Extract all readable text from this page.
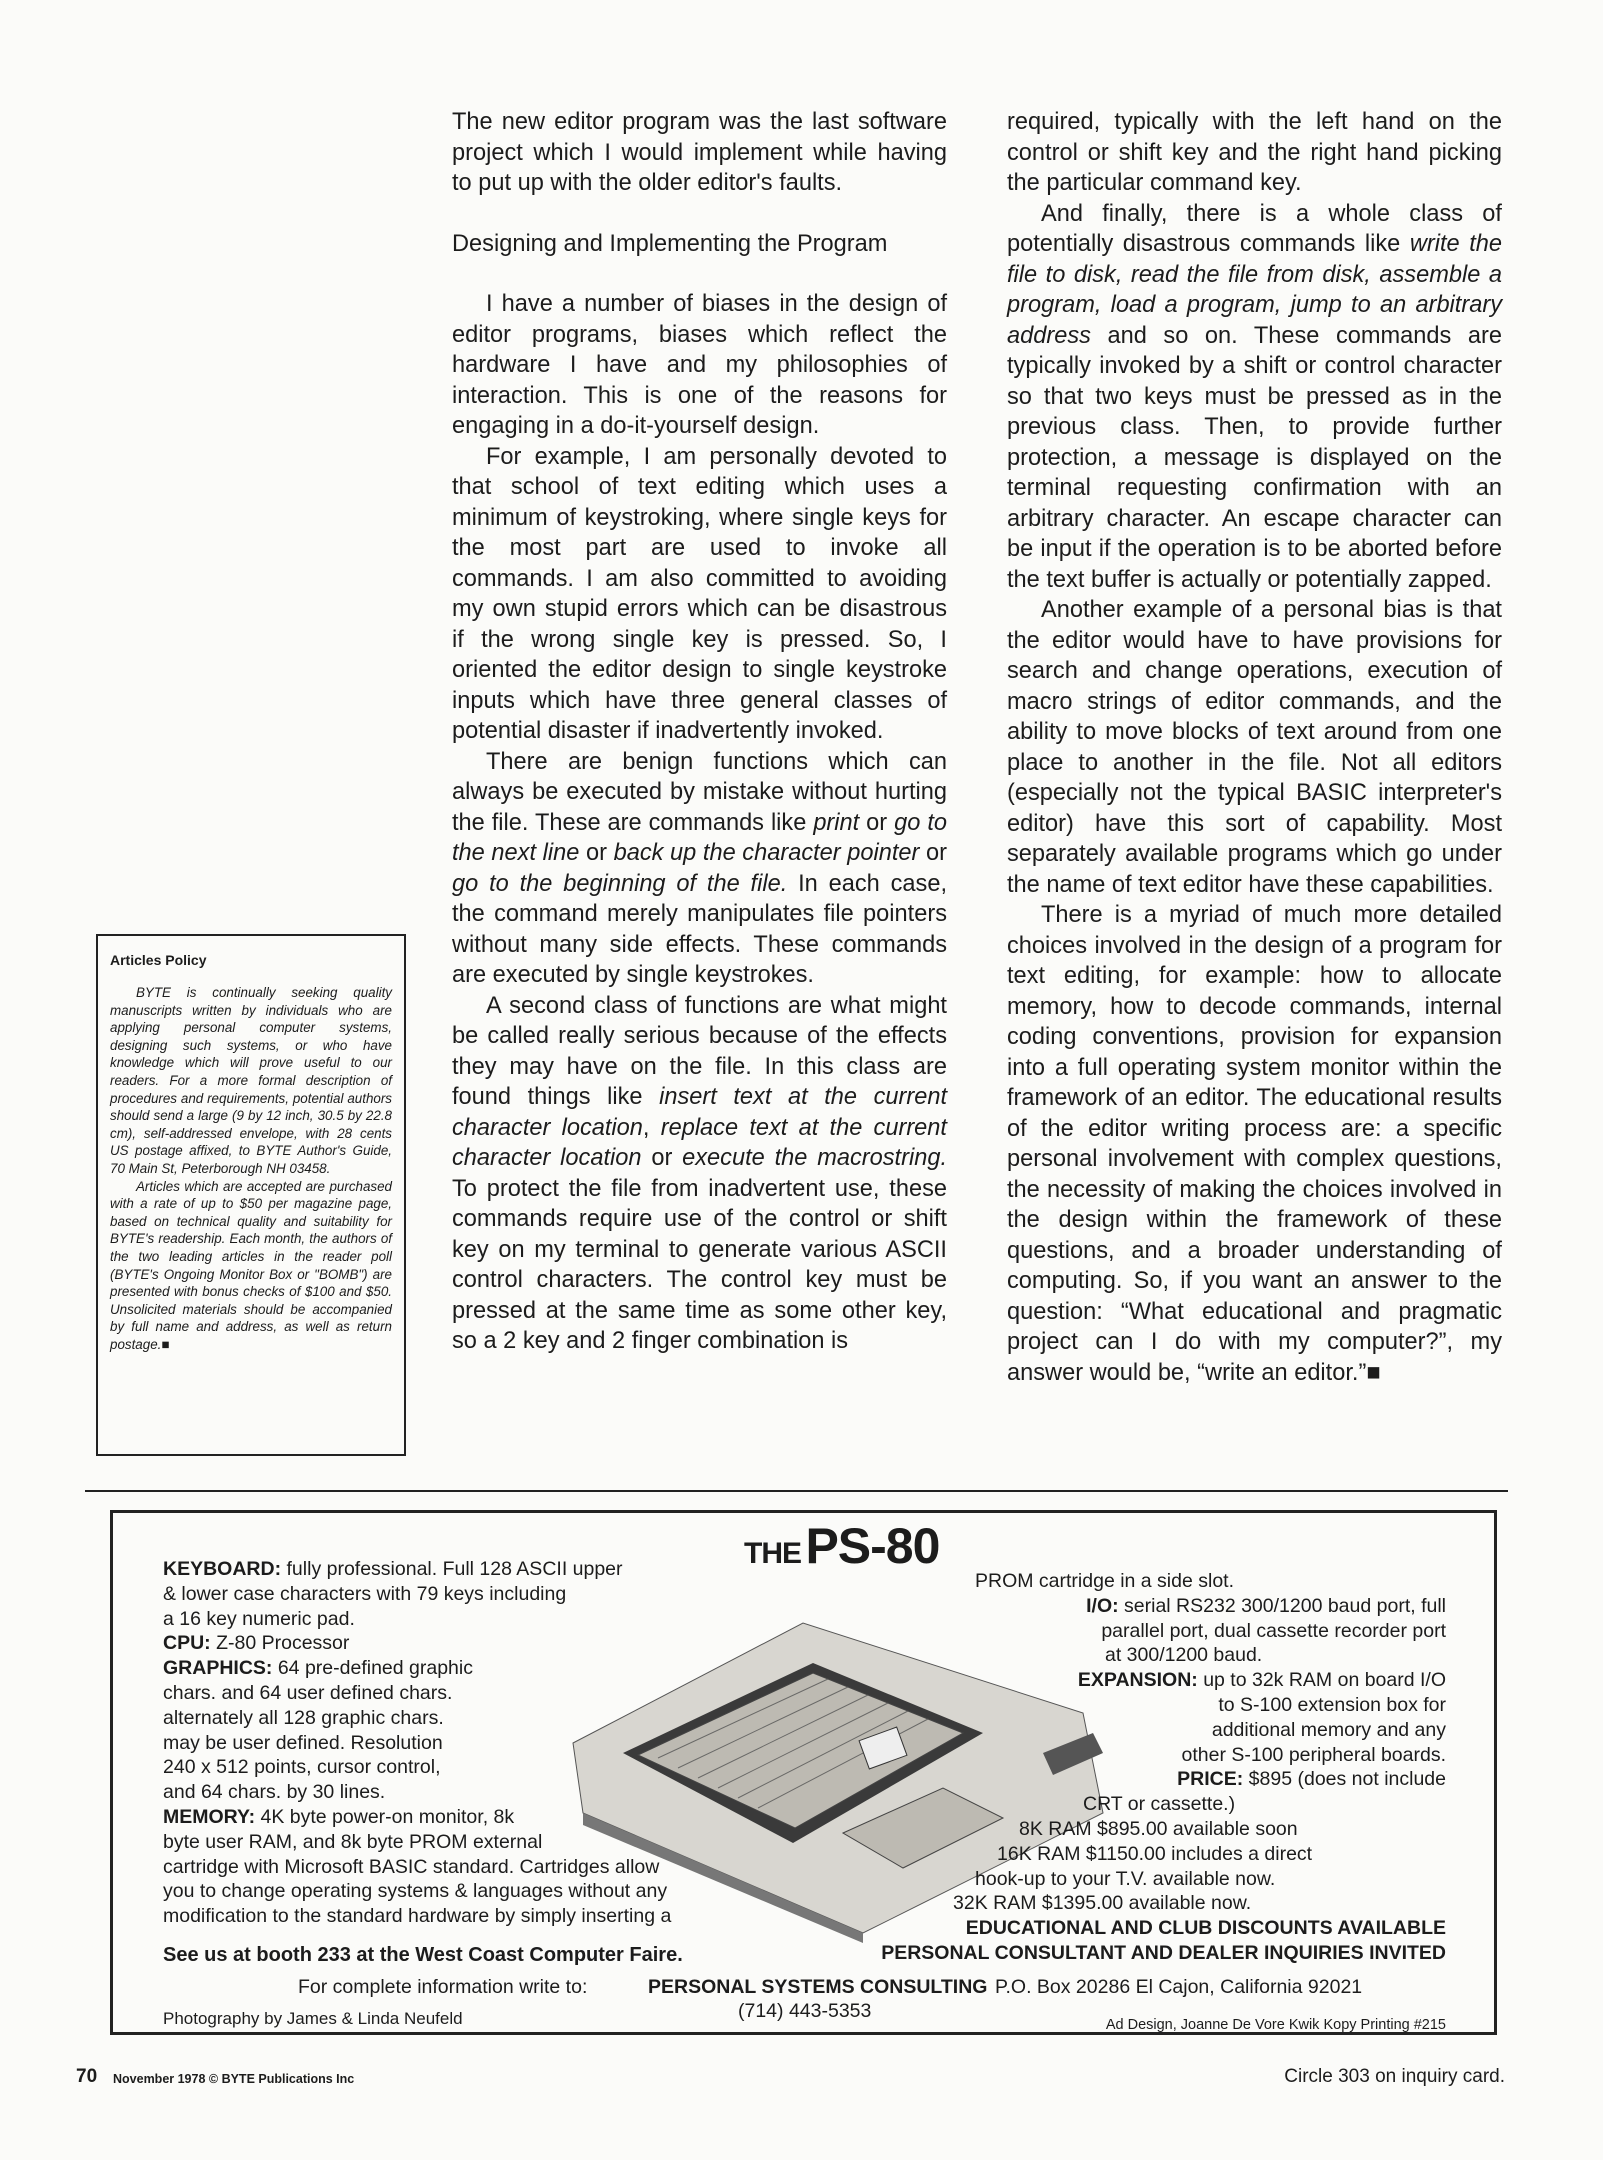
The new editor program was the last software project which I would implement while having to put up with the older editor's faults.

Designing and Implementing the Program

I have a number of biases in the design of editor programs, biases which reflect the hardware I have and my philosophies of interaction. This is one of the reasons for engaging in a do-it-yourself design.

For example, I am personally devoted to that school of text editing which uses a minimum of keystroking, where single keys for the most part are used to invoke all commands. I am also committed to avoiding my own stupid errors which can be disastrous if the wrong single key is pressed. So, I oriented the editor design to single keystroke inputs which have three general classes of potential disaster if inadvertently invoked.

There are benign functions which can always be executed by mistake without hurting the file. These are commands like print or go to the next line or back up the character pointer or go to the beginning of the file. In each case, the command merely manipulates file pointers without many side effects. These commands are executed by single keystrokes.

A second class of functions are what might be called really serious because of the effects they may have on the file. In this class are found things like insert text at the current character location, replace text at the current character location or execute the macrostring. To protect the file from inadvertent use, these commands require use of the control or shift key on my terminal to generate various ASCII control characters. The control key must be pressed at the same time as some other key, so a 2 key and 2 finger combination is

required, typically with the left hand on the control or shift key and the right hand picking the particular command key.

And finally, there is a whole class of potentially disastrous commands like write the file to disk, read the file from disk, assemble a program, load a program, jump to an arbitrary address and so on. These commands are typically invoked by a shift or control character so that two keys must be pressed as in the previous class. Then, to provide further protection, a message is displayed on the terminal requesting confirmation with an arbitrary character. An escape character can be input if the operation is to be aborted before the text buffer is actually or potentially zapped.

Another example of a personal bias is that the editor would have to have provisions for search and change operations, execution of macro strings of editor commands, and the ability to move blocks of text around from one place to another in the file. Not all editors (especially not the typical BASIC interpreter's editor) have this sort of capability. Most separately available programs which go under the name of text editor have these capabilities.

There is a myriad of much more detailed choices involved in the design of a program for text editing, for example: how to allocate memory, how to decode commands, internal coding conventions, provision for expansion into a full operating system monitor within the framework of an editor. The educational results of the editor writing process are: a specific personal involvement with complex questions, the necessity of making the choices involved in the design within the framework of these questions, and a broader understanding of computing. So, if you want an answer to the question: “What educational and pragmatic project can I do with my computer?”, my answer would be, “write an editor.”■

Articles Policy

BYTE is continually seeking quality manuscripts written by individuals who are applying personal computer systems, designing such systems, or who have knowledge which will prove useful to our readers. For a more formal description of procedures and requirements, potential authors should send a large (9 by 12 inch, 30.5 by 22.8 cm), self-addressed envelope, with 28 cents US postage affixed, to BYTE Author's Guide, 70 Main St, Peterborough NH 03458.

Articles which are accepted are purchased with a rate of up to $50 per magazine page, based on technical quality and suitability for BYTE's readership. Each month, the authors of the two leading articles in the reader poll (BYTE's Ongoing Monitor Box or "BOMB") are presented with bonus checks of $100 and $50. Unsolicited materials should be accompanied by full name and address, as well as return postage.■

THE PS-80
See us at booth 233 at the West Coast Computer Faire.
For complete information write to:	PERSONAL SYSTEMS CONSULTING P.O. Box 20286 El Cajon, California 92021
(714) 443-5353
Photography by James & Linda Neufeld	Ad Design, Joanne De Vore Kwik Kopy Printing #215
KEYBOARD: fully professional. Full 128 ASCII upper
& lower case characters with 79 keys including
a 16 key numeric pad.
CPU: Z-80 Processor
GRAPHICS: 64 pre-defined graphic
chars. and 64 user defined chars.
alternately all 128 graphic chars.
may be user defined. Resolution
240 x 512 points, cursor control,
and 64 chars. by 30 lines.
MEMORY: 4K byte power-on monitor, 8k
byte user RAM, and 8k byte PROM external
cartridge with Microsoft BASIC standard. Cartridges allow
you to change operating systems & languages without any
modification to the standard hardware by simply inserting a
PROM cartridge in a side slot.
I/O: serial RS232 300/1200 baud port, full
parallel port, dual cassette recorder port
at 300/1200 baud.
EXPANSION: up to 32k RAM on board I/O
to S-100 extension box for
additional memory and any
other S-100 peripheral boards.
PRICE: $895 (does not include
CRT or cassette.)
8K RAM $895.00 available soon
16K RAM $1150.00 includes a direct
hook-up to your T.V. available now.
32K RAM $1395.00 available now.
EDUCATIONAL AND CLUB DISCOUNTS AVAILABLE
PERSONAL CONSULTANT AND DEALER INQUIRIES INVITED
70 November 1978 © BYTE Publications Inc	Circle 303 on inquiry card.
